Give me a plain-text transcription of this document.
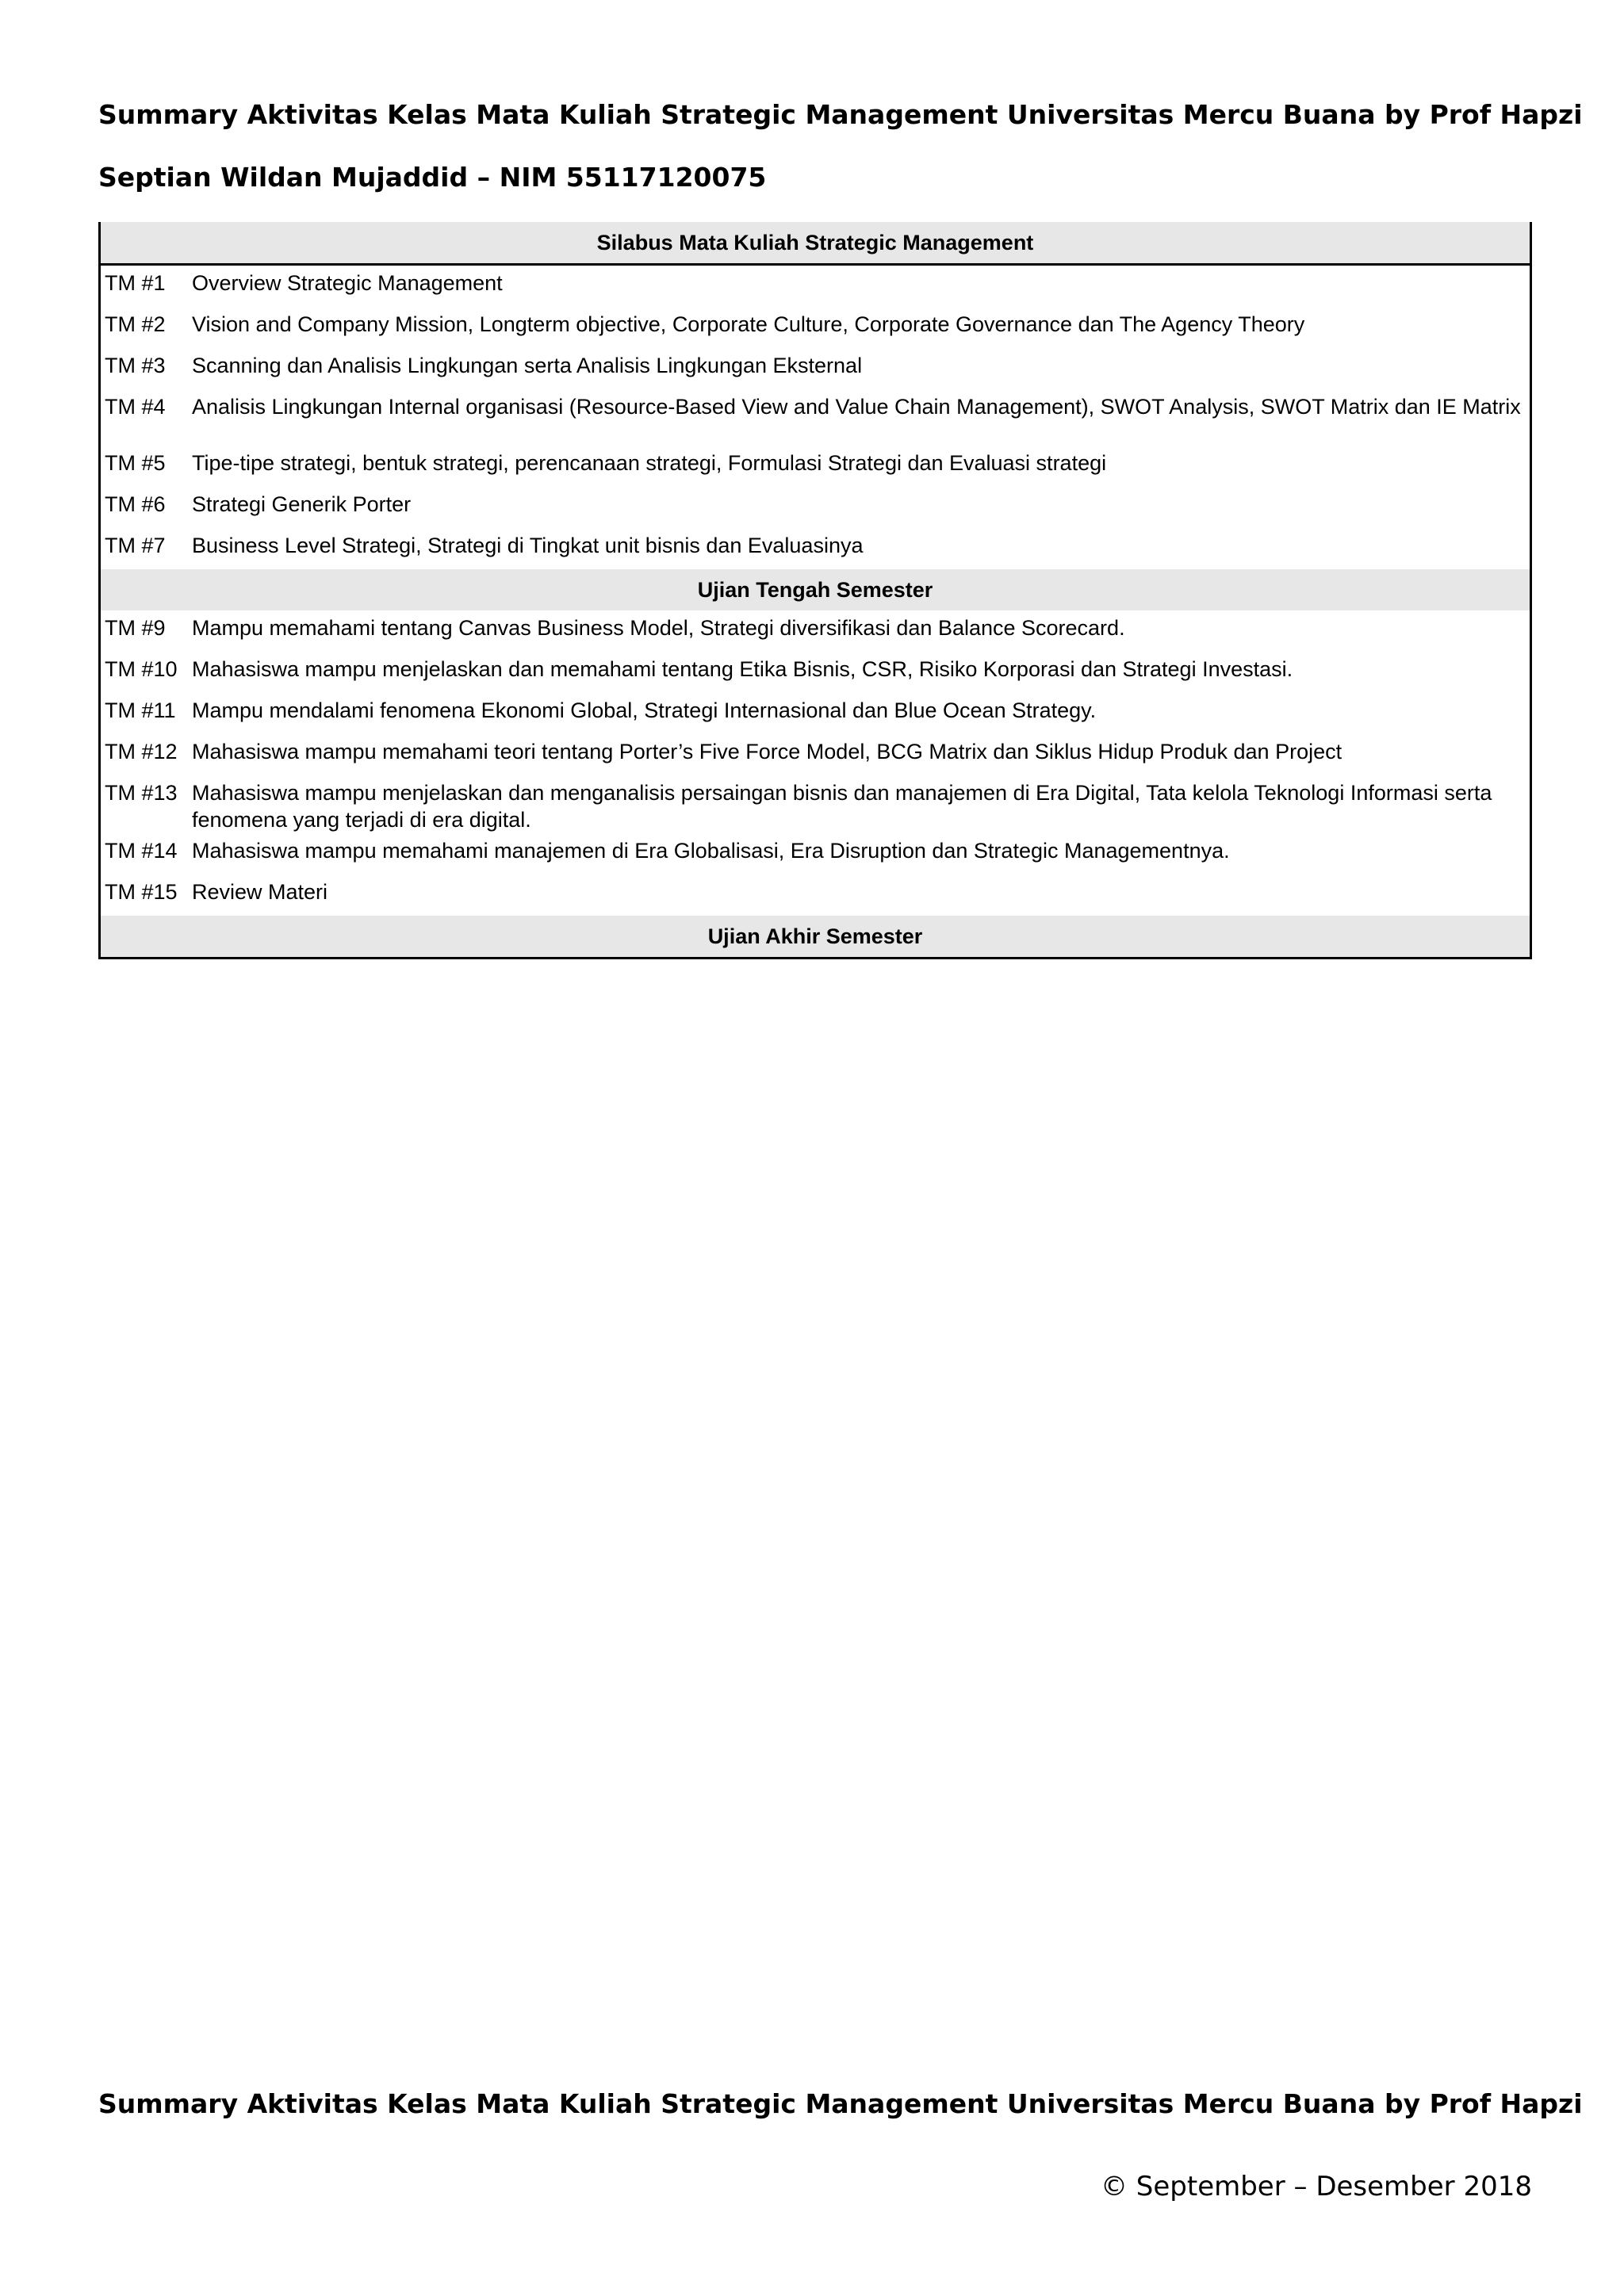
Summary Aktivitas Kelas Mata Kuliah Strategic Management Universitas Mercu Buana by Prof Hapzi
Septian Wildan Mujaddid – NIM 55117120075
Silabus Mata Kuliah Strategic Management
TM #1	Overview Strategic Management
TM #2	Vision and Company Mission, Longterm objective, Corporate Culture, Corporate Governance dan The Agency Theory
TM #3	Scanning dan Analisis Lingkungan serta Analisis Lingkungan Eksternal
TM #4	Analisis Lingkungan Internal organisasi (Resource-Based View and Value Chain Management), SWOT Analysis, SWOT Matrix dan IE Matrix
TM #5	Tipe-tipe strategi, bentuk strategi, perencanaan strategi, Formulasi Strategi dan Evaluasi strategi
TM #6	Strategi Generik Porter
TM #7	Business Level Strategi, Strategi di Tingkat unit bisnis dan Evaluasinya
Ujian Tengah Semester
TM #9	Mampu memahami tentang Canvas Business Model, Strategi diversifikasi dan Balance Scorecard.
TM #10 Mahasiswa mampu menjelaskan dan memahami tentang Etika Bisnis, CSR, Risiko Korporasi dan Strategi Investasi.
TM #11 Mampu mendalami fenomena Ekonomi Global, Strategi Internasional dan Blue Ocean Strategy.
TM #12 Mahasiswa mampu memahami teori tentang Porter’s Five Force Model, BCG Matrix dan Siklus Hidup Produk dan Project
TM #13 Mahasiswa mampu menjelaskan dan menganalisis persaingan bisnis dan manajemen di Era Digital, Tata kelola Teknologi Informasi serta fenomena yang terjadi di era digital.
TM #14 Mahasiswa mampu memahami manajemen di Era Globalisasi, Era Disruption dan Strategic Managementnya.
TM #15 Review Materi
Ujian Akhir Semester
Summary Aktivitas Kelas Mata Kuliah Strategic Management Universitas Mercu Buana by Prof Hapzi
© September – Desember 2018
